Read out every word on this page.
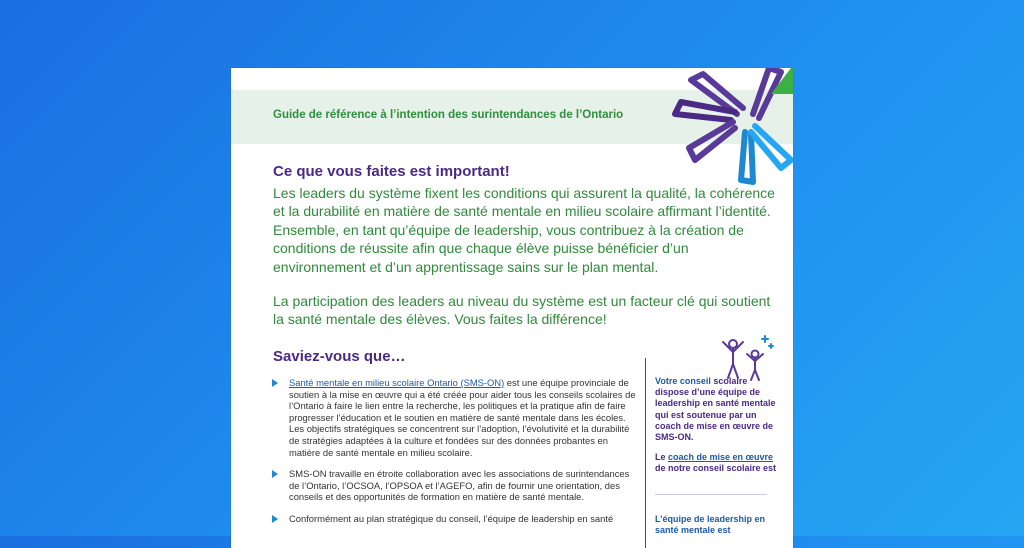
Guide de référence à l’intention des surintendances de l’Ontario
Ce que vous faites est important!

Les leaders du système fixent les conditions qui assurent la qualité, la cohérence et la durabilité en matière de santé mentale en milieu scolaire affirmant l’identité. Ensemble, en tant qu’équipe de leadership, vous contribuez à la création de conditions de réussite afin que chaque élève puisse bénéficier d’un environnement et d’un apprentissage sains sur le plan mental.

La participation des leaders au niveau du système est un facteur clé qui soutient la santé mentale des élèves. Vous faites la différence!

Saviez-vous que…
Santé mentale en milieu scolaire Ontario (SMS-ON) est une équipe provinciale de soutien à la mise en œuvre qui a été créée pour aider tous les conseils scolaires de l’Ontario à faire le lien entre la recherche, les politiques et la pratique afin de faire progresser l’éducation et le soutien en matière de santé mentale dans les écoles. Les objectifs stratégiques se concentrent sur l’adoption, l’évolutivité et la durabilité de stratégies adaptées à la culture et fondées sur des données probantes en matière de santé mentale en milieu scolaire.
SMS-ON travaille en étroite collaboration avec les associations de surintendances de l’Ontario, l’OCSOA, l’OPSOA et l’AGEFO, afin de fournir une orientation, des conseils et des opportunités de formation en matière de santé mentale.
Conformément au plan stratégique du conseil, l’équipe de leadership en santé

Votre conseil scolaire dispose d’une équipe de leadership en santé mentale qui est soutenue par un coach de mise en œuvre de SMS-ON.

Le coach de mise en œuvre de notre conseil scolaire est

L’équipe de leadership en santé mentale est
